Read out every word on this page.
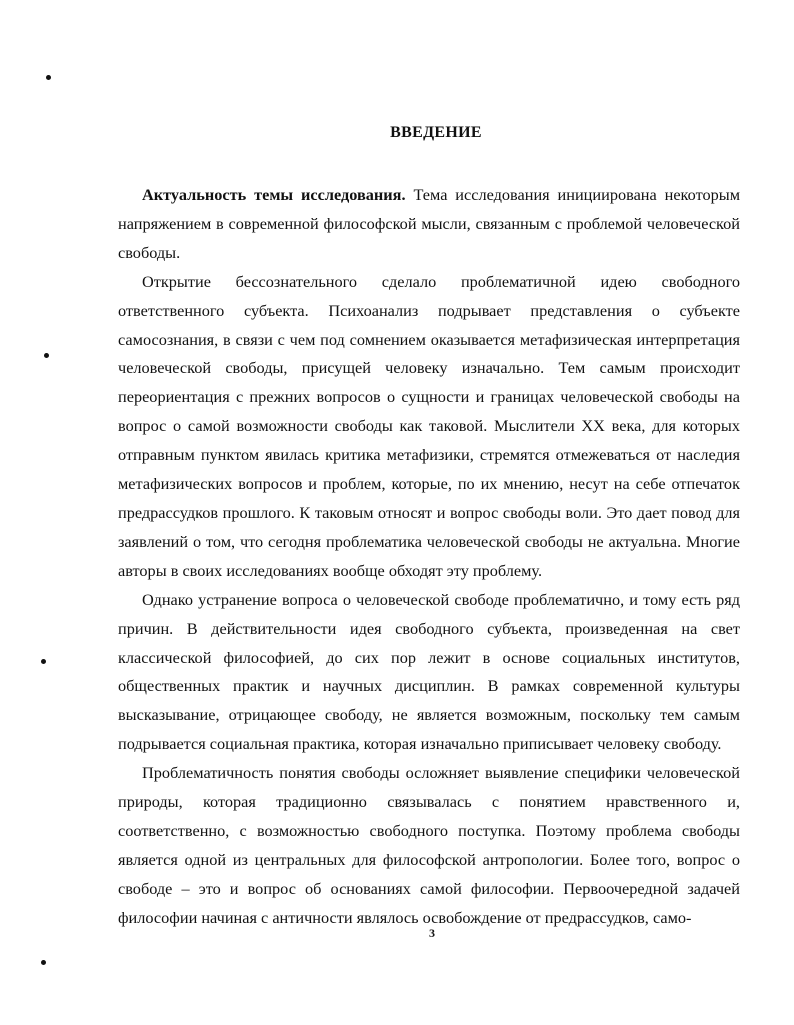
ВВЕДЕНИЕ

Актуальность темы исследования. Тема исследования инициирована некоторым напряжением в современной философской мысли, связанным с проблемой человеческой свободы.

Открытие бессознательного сделало проблематичной идею свободного ответственного субъекта. Психоанализ подрывает представления о субъекте самосознания, в связи с чем под сомнением оказывается метафизическая интерпретация человеческой свободы, присущей человеку изначально. Тем самым происходит переориентация с прежних вопросов о сущности и границах человеческой свободы на вопрос о самой возможности свободы как таковой. Мыслители XX века, для которых отправным пунктом явилась критика метафизики, стремятся отмежеваться от наследия метафизических вопросов и проблем, которые, по их мнению, несут на себе отпечаток предрассудков прошлого. К таковым относят и вопрос свободы воли. Это дает повод для заявлений о том, что сегодня проблематика человеческой свободы не актуальна. Многие авторы в своих исследованиях вообще обходят эту проблему.

Однако устранение вопроса о человеческой свободе проблематично, и тому есть ряд причин. В действительности идея свободного субъекта, произведенная на свет классической философией, до сих пор лежит в основе социальных институтов, общественных практик и научных дисциплин. В рамках современной культуры высказывание, отрицающее свободу, не является возможным, поскольку тем самым подрывается социальная практика, которая изначально приписывает человеку свободу.

Проблематичность понятия свободы осложняет выявление специфики человеческой природы, которая традиционно связывалась с понятием нравственного и, соответственно, с возможностью свободного поступка. Поэтому проблема свободы является одной из центральных для философской антропологии. Более того, вопрос о свободе – это и вопрос об основаниях самой философии. Первоочередной задачей философии начиная с античности являлось освобождение от предрассудков, само-

3
